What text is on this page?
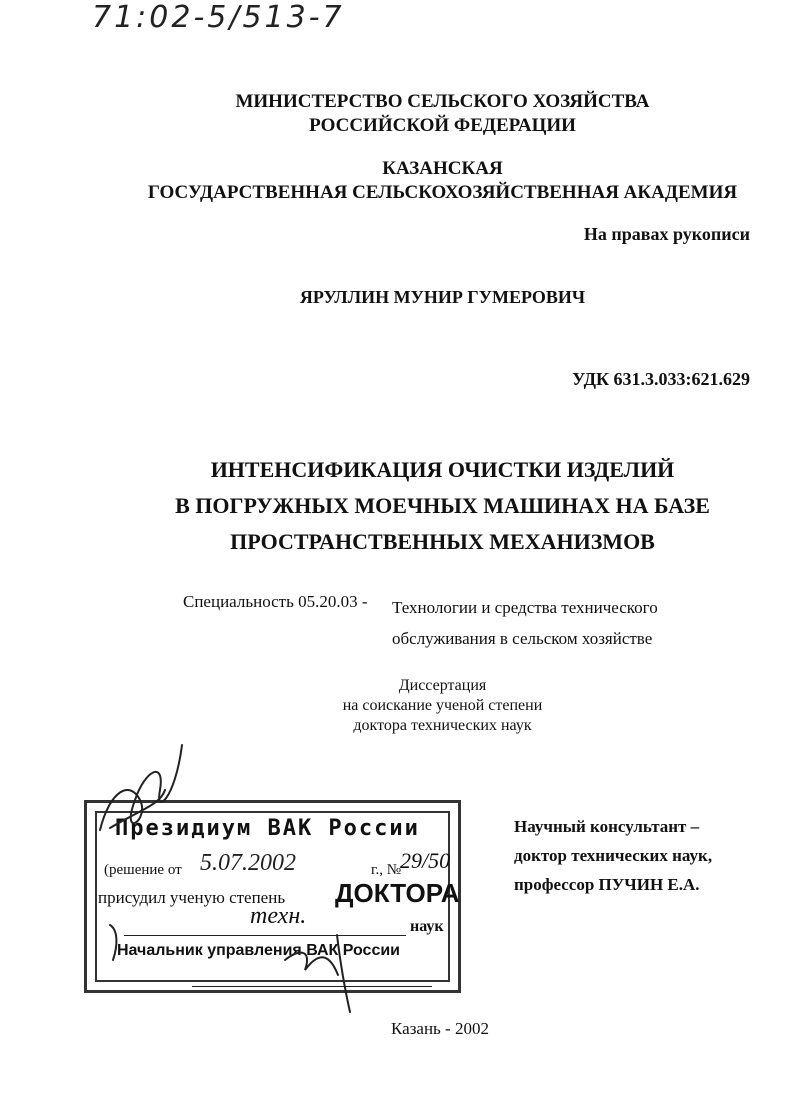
71:02-5/513-7
МИНИСТЕРСТВО СЕЛЬСКОГО ХОЗЯЙСТВА
РОССИЙСКОЙ ФЕДЕРАЦИИ
КАЗАНСКАЯ
ГОСУДАРСТВЕННАЯ СЕЛЬСКОХОЗЯЙСТВЕННАЯ АКАДЕМИЯ
На правах рукописи
ЯРУЛЛИН МУНИР ГУМЕРОВИЧ
УДК 631.3.033:621.629
ИНТЕНСИФИКАЦИЯ ОЧИСТКИ ИЗДЕЛИЙ
В ПОГРУЖНЫХ МОЕЧНЫХ МАШИНАХ НА БАЗЕ
ПРОСТРАНСТВЕННЫХ МЕХАНИЗМОВ
Специальность 05.20.03 - Технологии и средства технического
обслуживания в сельском хозяйстве
Диссертация
на соискание ученой степени
доктора технических наук
Научный консультант –
доктор технических наук,
профессор ПУЧИН Е.А.
Президиум ВАК России
(решение от 5.07.2002	г., №
29/50
присудил ученую степень ДОКТОРА
техн.	наук
Начальник управления ВАК России
Казань - 2002
